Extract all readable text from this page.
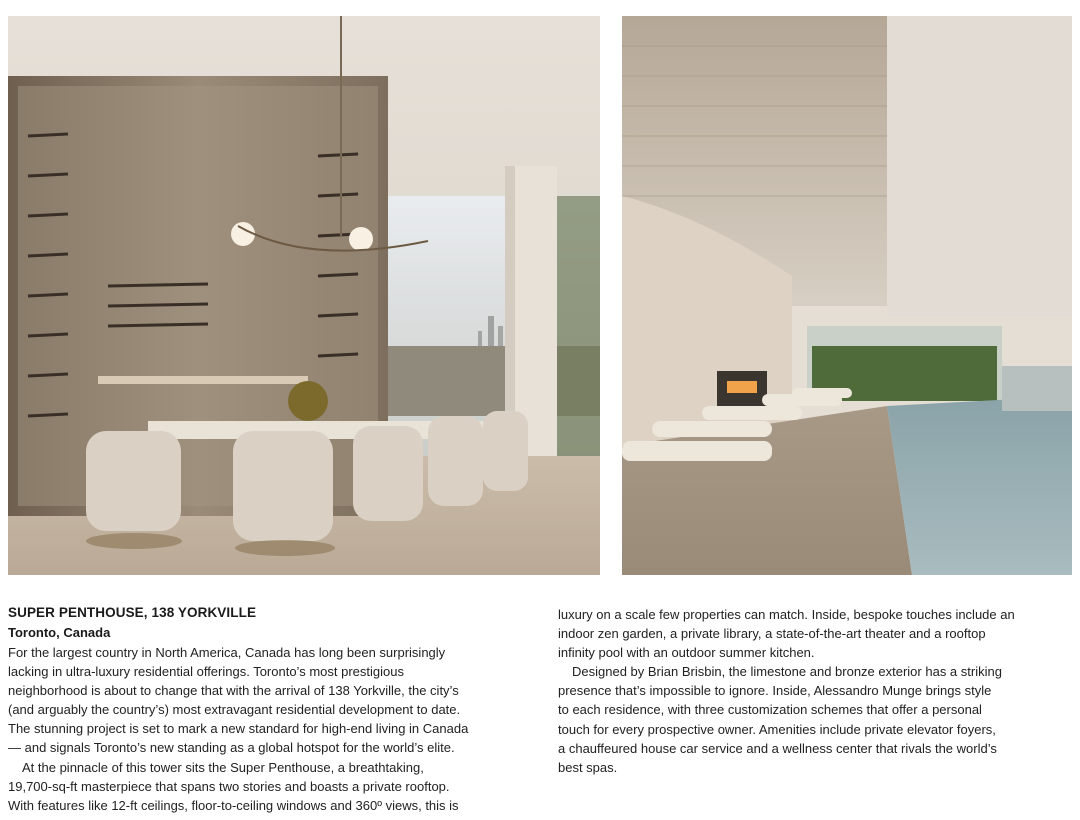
SUPER PENTHOUSE, 138 YORKVILLE
Toronto, Canada

For the largest country in North America, Canada has long been surprisingly
lacking in ultra-luxury residential offerings. Toronto’s most prestigious
neighborhood is about to change that with the arrival of 138 Yorkville, the city’s
(and arguably the country’s) most extravagant residential development to date.
The stunning project is set to mark a new standard for high-end living in Canada
— and signals Toronto’s new standing as a global hotspot for the world’s elite.

At the pinnacle of this tower sits the Super Penthouse, a breathtaking,
19,700-sq-ft masterpiece that spans two stories and boasts a private rooftop.
With features like 12-ft ceilings, floor-to-ceiling windows and 360º views, this is

luxury on a scale few properties can match. Inside, bespoke touches include an
indoor zen garden, a private library, a state-of-the-art theater and a rooftop
infinity pool with an outdoor summer kitchen.

Designed by Brian Brisbin, the limestone and bronze exterior has a striking
presence that’s impossible to ignore. Inside, Alessandro Munge brings style
to each residence, with three customization schemes that offer a personal
touch for every prospective owner. Amenities include private elevator foyers,
a chauffeured house car service and a wellness center that rivals the world’s
best spas.
